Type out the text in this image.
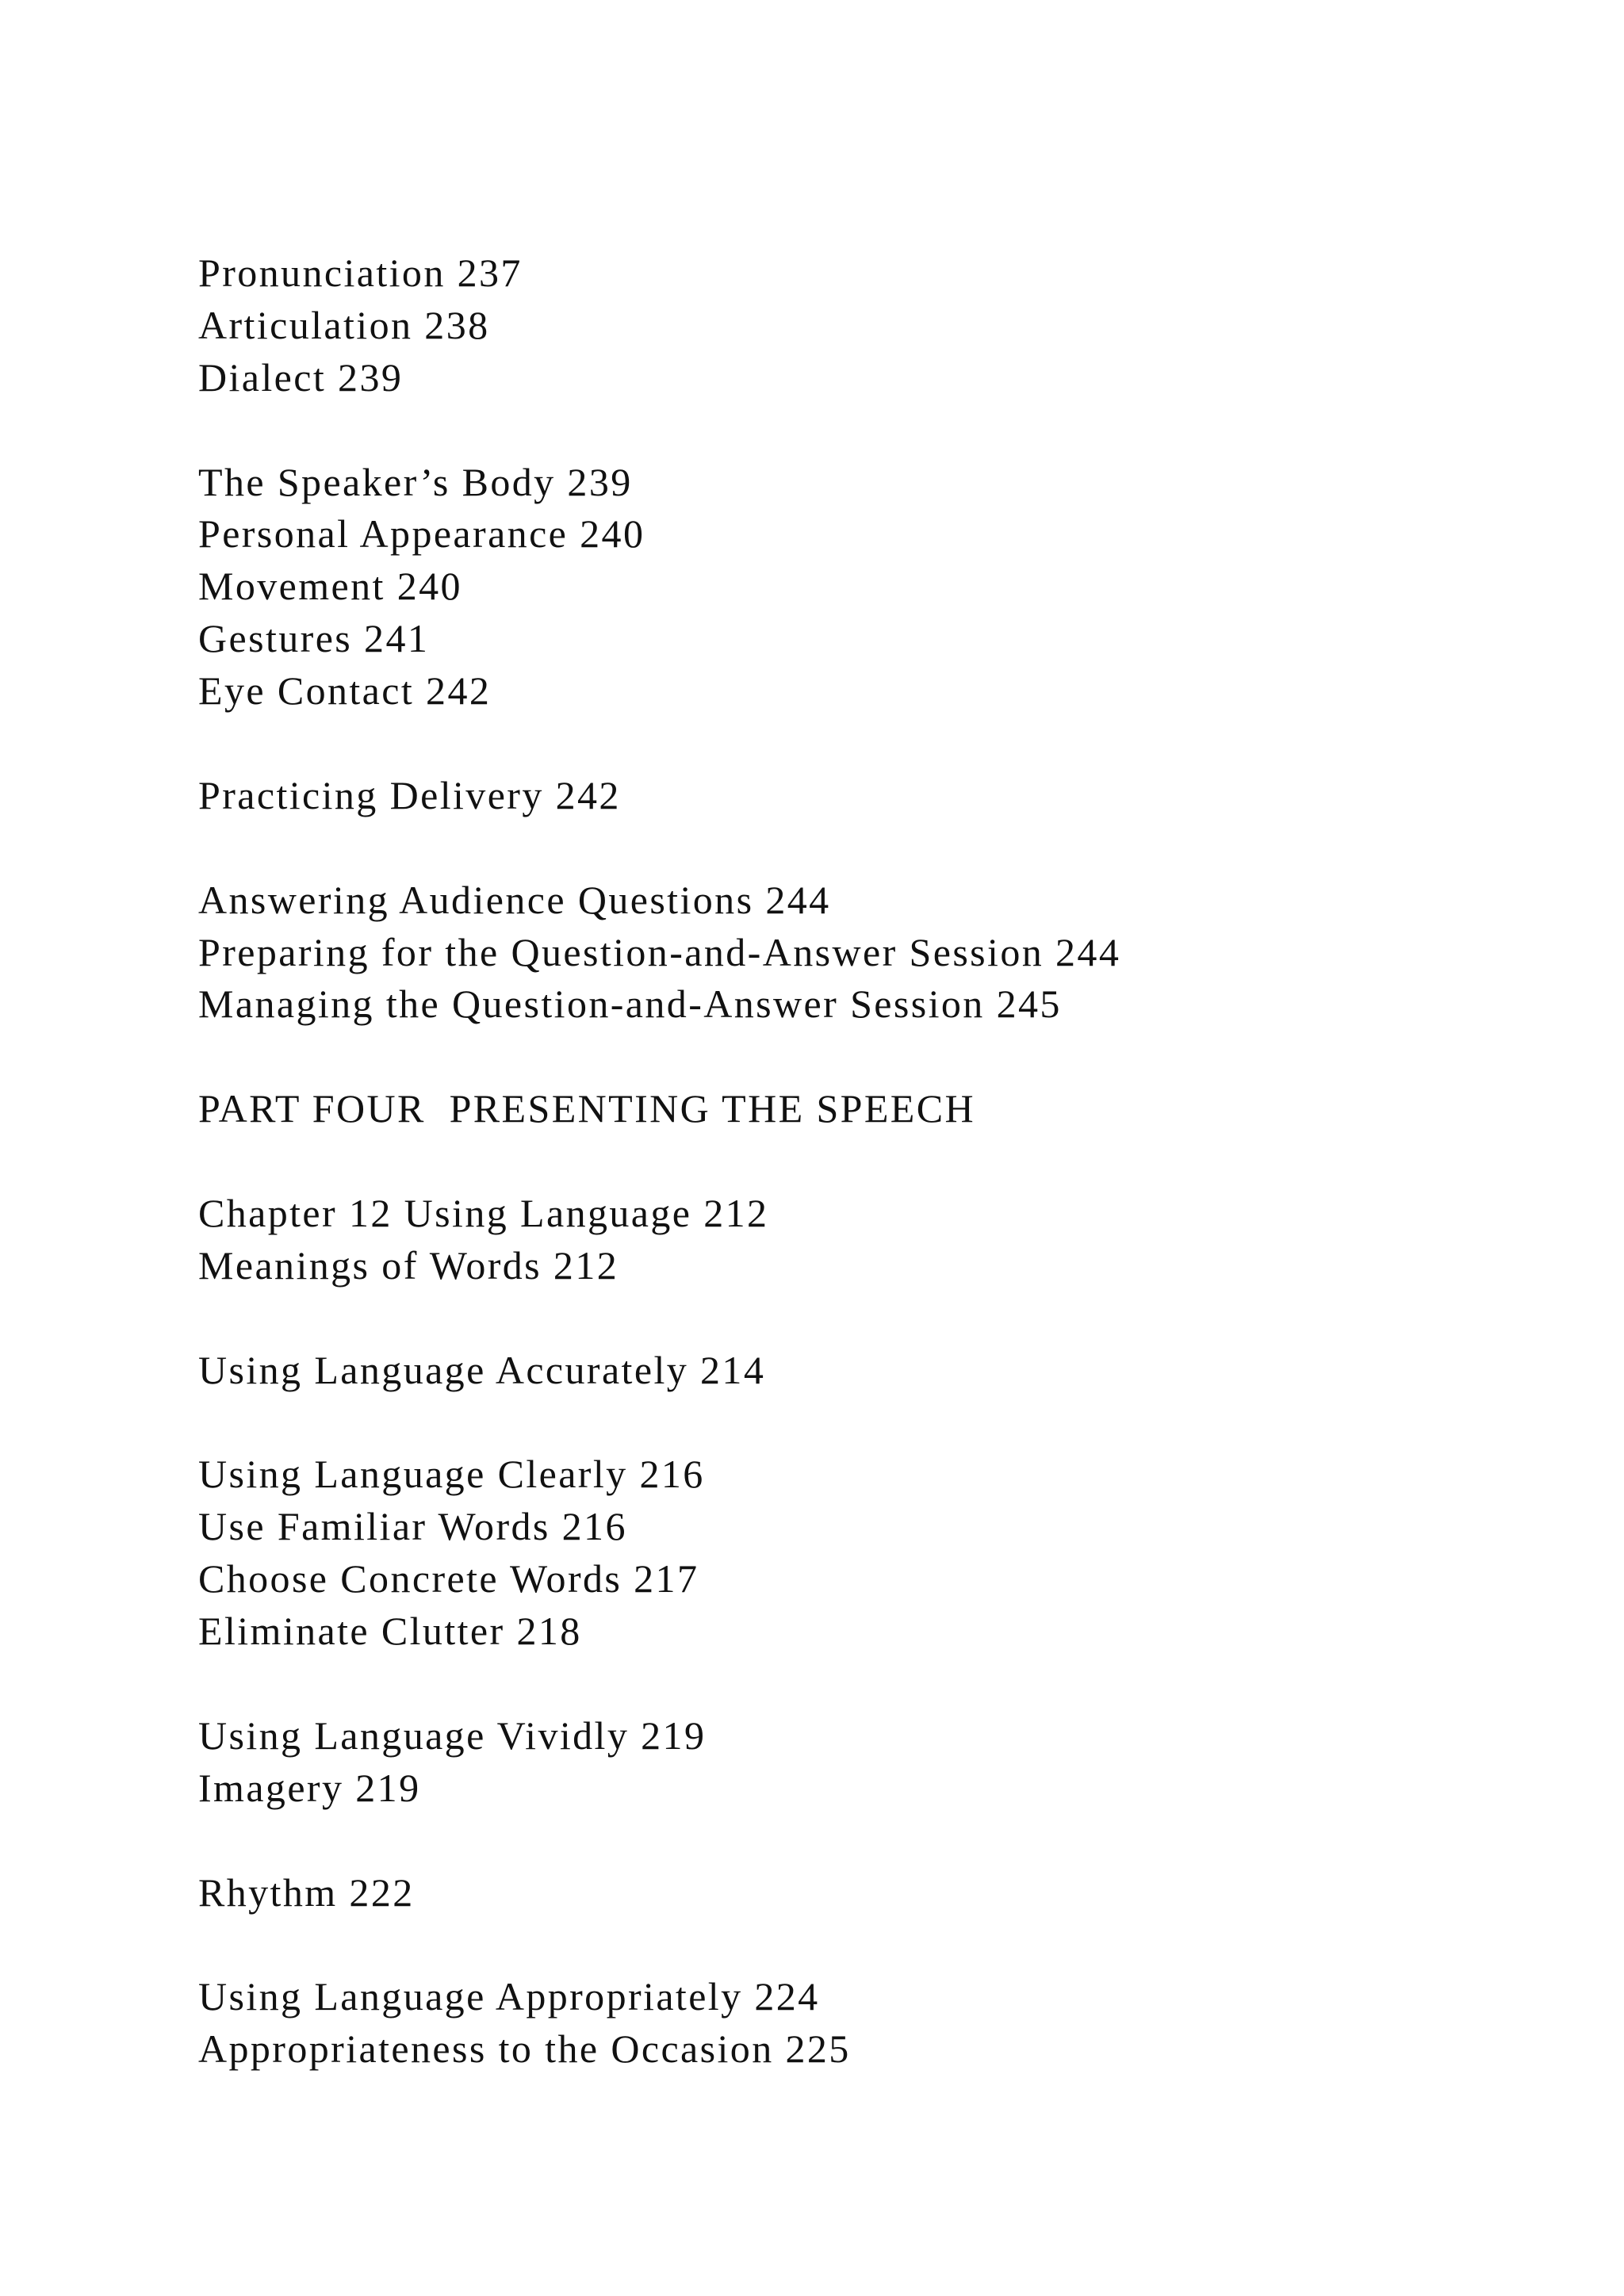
Pronunciation 237
Articulation 238
Dialect 239
The Speaker’s Body 239
Personal Appearance 240
Movement 240
Gestures 241
Eye Contact 242
Practicing Delivery 242
Answering Audience Questions 244
Preparing for the Question-and-Answer Session 244
Managing the Question-and-Answer Session 245
PART FOUR  PRESENTING THE SPEECH
Chapter 12 Using Language 212
Meanings of Words 212
Using Language Accurately 214
Using Language Clearly 216
Use Familiar Words 216
Choose Concrete Words 217
Eliminate Clutter 218
Using Language Vividly 219
Imagery 219
Rhythm 222
Using Language Appropriately 224
Appropriateness to the Occasion 225
